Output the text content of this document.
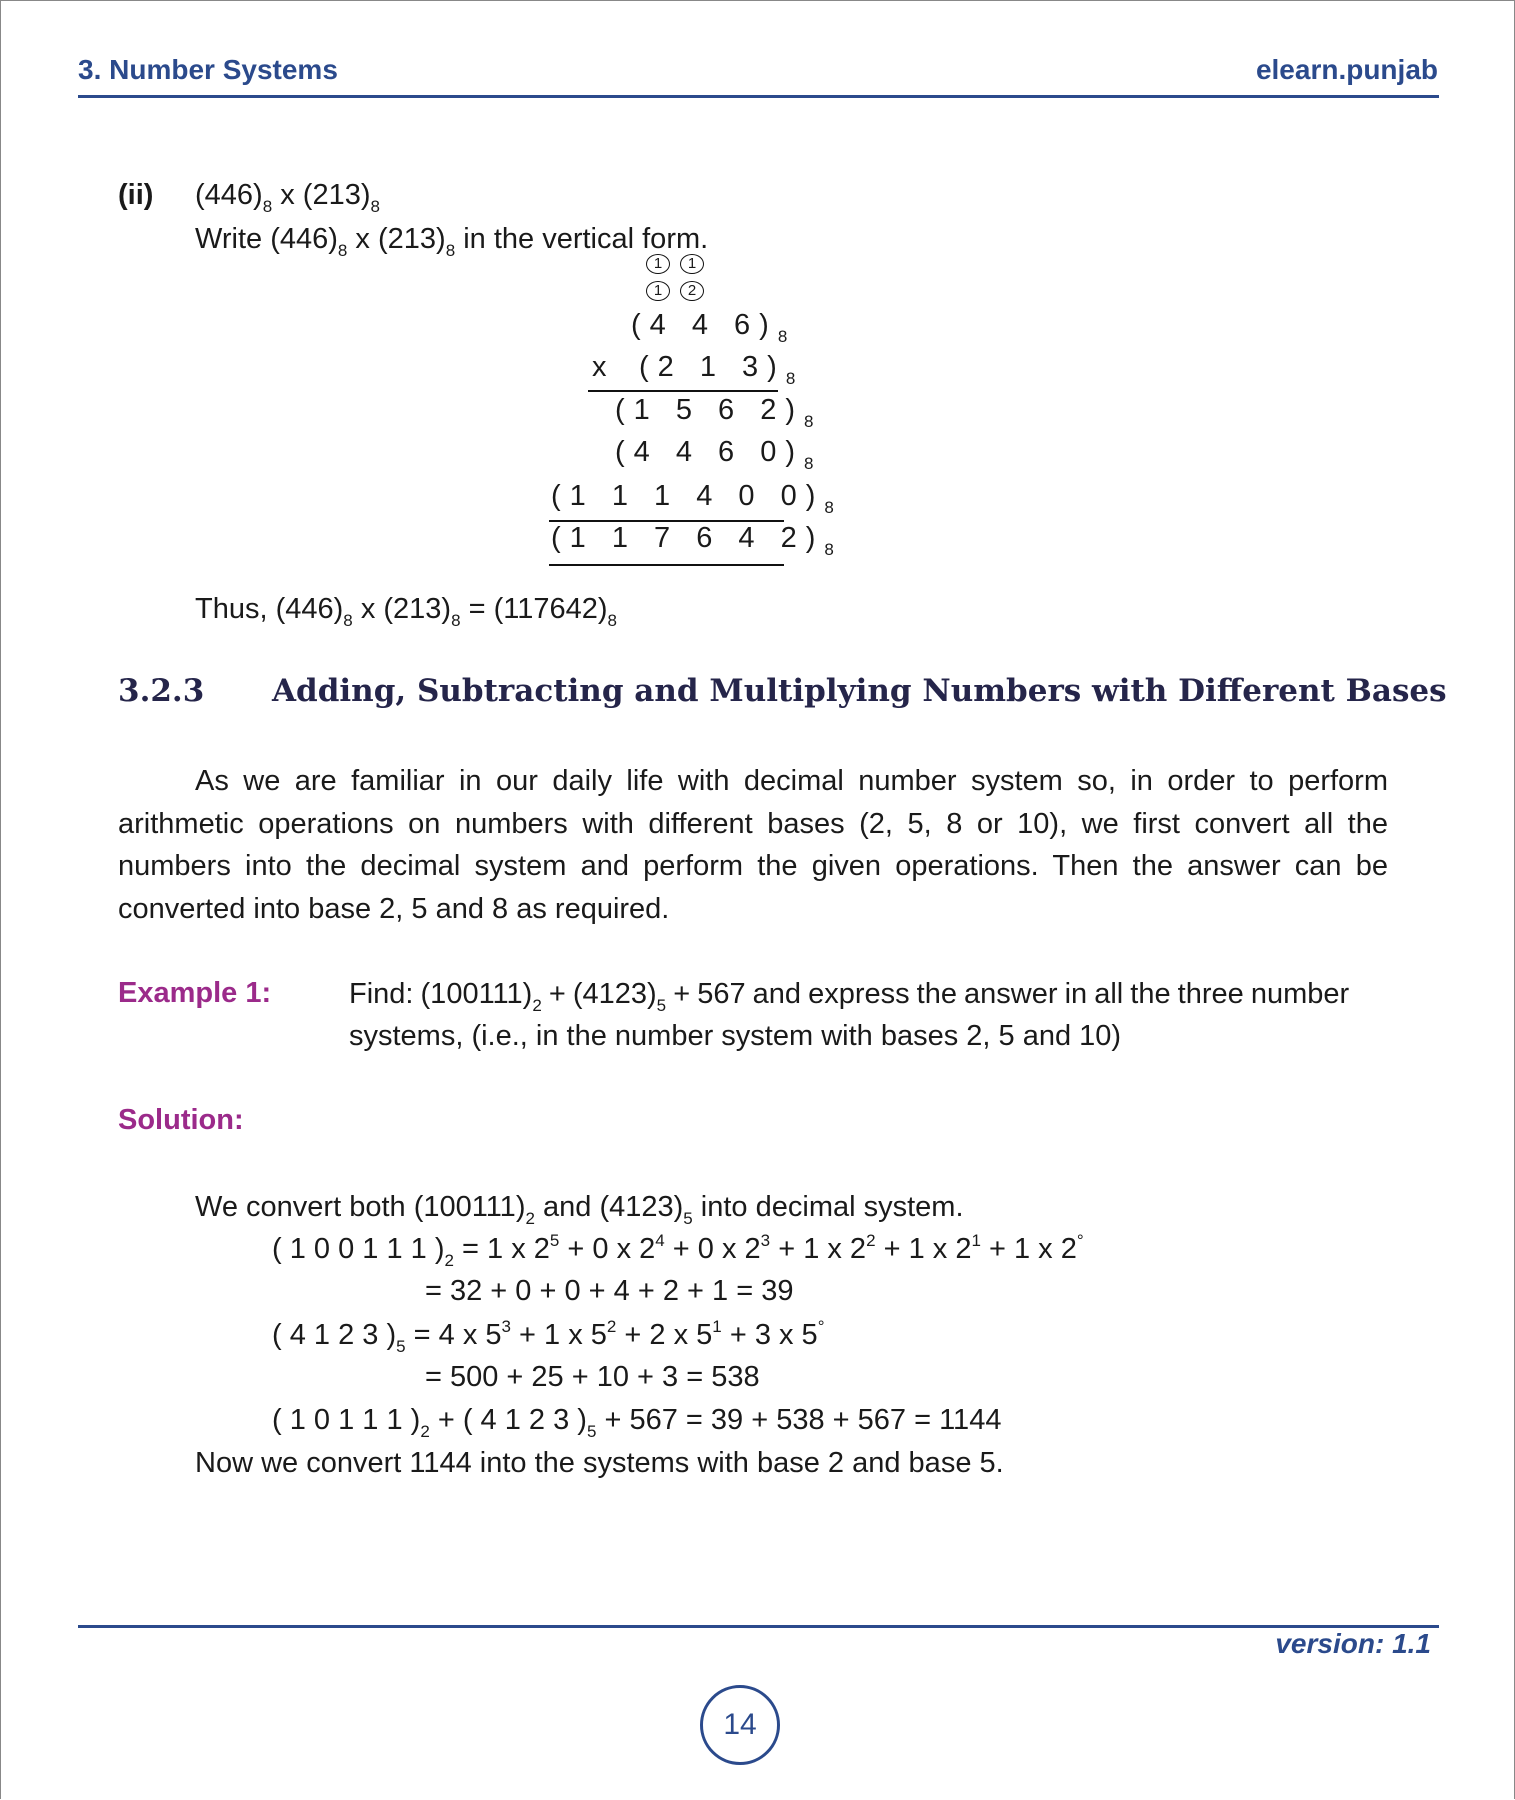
3. Number Systems	elearn.punjab
(ii) $(446)_8$ x $(213)_8$
Write $(446)_8$ x $(213)_8$ in the vertical form.
1 1
1 2
(4 4 $6)_8$
x (2 1 $3)_8$
(1 5 6 $2)_8$
(4 4 6 $0)_8$
(1 1 1 4 0 $0)_8$
(1 1 7 6 4 $2)_8$
Thus, $(446)_8$ x $(213)_8 = (117642)_8$
3.2.3 Adding, Subtracting and Multiplying Numbers with Different Bases
As we are familiar in our daily life with decimal number system so, in order to perform arithmetic operations on numbers with different bases (2, 5, 8 or 10), we first convert all the numbers into the decimal system and perform the given operations. Then the answer can be converted into base 2, 5 and 8 as required.
Example 1:	Find: $(100111)_2 + (4123)_5 + 567$ and express the answer in all the three number
systems, (i.e., in the number system with bases 2, 5 and 10)
Solution:
We convert both $(100111)_2$ and $(4123)_5$ into decimal system.
( 1 0 0 1 1 1 )$_2 = 1$ x $2^5 + 0$ x $2^4 + 0$ x $2^3 + 1$ x $2^2 + 1$ x $2^1 + 1$ x 2°
= 32 + 0 + 0 + 4 + 2 + 1 = 39
( 4 1 2 3 )$_5 = 4$ x $5^3 + 1$ x $5^2 + 2$ x $5^1 + 3$ x 5°
= 500 + 25 + 10 + 3 = 538
( 1 0 1 1 1 )$_2$ + ( 4 1 2 3 )$_5 + 567 = 39 + 538 + 567 = 1144$
Now we convert 1144 into the systems with base 2 and base 5.
version: 1.1
14
